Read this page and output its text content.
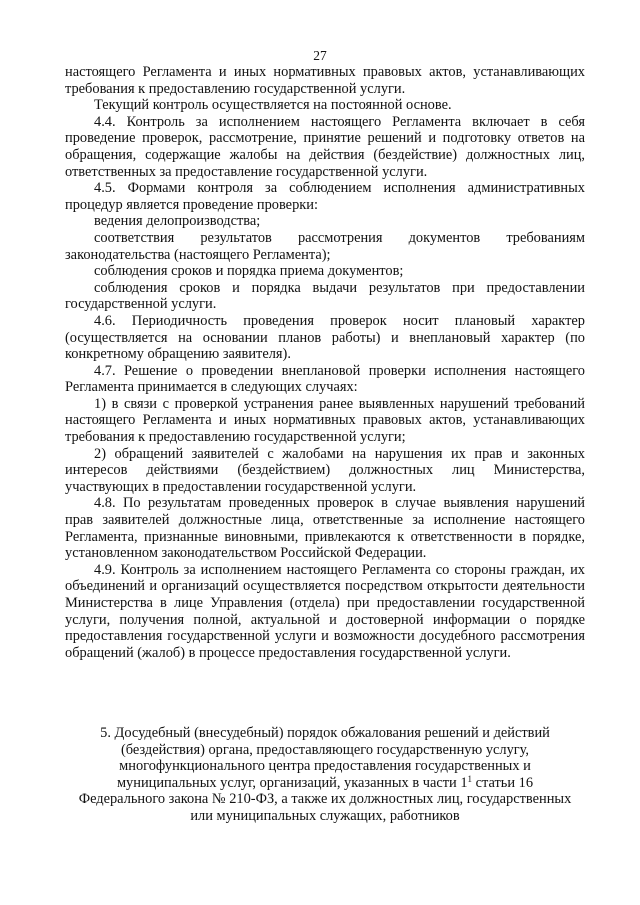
27

настоящего Регламента и иных нормативных правовых актов, устанавливающих требования к предоставлению государственной услуги.

Текущий контроль осуществляется на постоянной основе.

4.4. Контроль за исполнением настоящего Регламента включает в себя проведение проверок, рассмотрение, принятие решений и подготовку ответов на обращения, содержащие жалобы на действия (бездействие) должностных лиц, ответственных за предоставление государственной услуги.

4.5. Формами контроля за соблюдением исполнения административных процедур является проведение проверки:

ведения делопроизводства;

соответствия результатов рассмотрения документов требованиям законодательства (настоящего Регламента);

соблюдения сроков и порядка приема документов;

соблюдения сроков и порядка выдачи результатов при предоставлении государственной услуги.

4.6. Периодичность проведения проверок носит плановый характер (осуществляется на основании планов работы) и внеплановый характер (по конкретному обращению заявителя).

4.7. Решение о проведении внеплановой проверки исполнения настоящего Регламента принимается в следующих случаях:

1) в связи с проверкой устранения ранее выявленных нарушений требований настоящего Регламента и иных нормативных правовых актов, устанавливающих требования к предоставлению государственной услуги;

2) обращений заявителей с жалобами на нарушения их прав и законных интересов действиями (бездействием) должностных лиц Министерства, участвующих в предоставлении государственной услуги.

4.8. По результатам проведенных проверок в случае выявления нарушений прав заявителей должностные лица, ответственные за исполнение настоящего Регламента, признанные виновными, привлекаются к ответственности в порядке, установленном законодательством Российской Федерации.

4.9. Контроль за исполнением настоящего Регламента со стороны граждан, их объединений и организаций осуществляется посредством открытости деятельности Министерства в лице Управления (отдела) при предоставлении государственной услуги, получения полной, актуальной и достоверной информации о порядке предоставления государственной услуги и возможности досудебного рассмотрения обращений (жалоб) в процессе предоставления государственной услуги.

5. Досудебный (внесудебный) порядок обжалования решений и действий
(бездействия) органа, предоставляющего государственную услугу,
многофункционального центра предоставления государственных и
муниципальных услуг, организаций, указанных в части $1^1$ статьи 16
Федерального закона № 210-ФЗ, а также их должностных лиц, государственных
или муниципальных служащих, работников
